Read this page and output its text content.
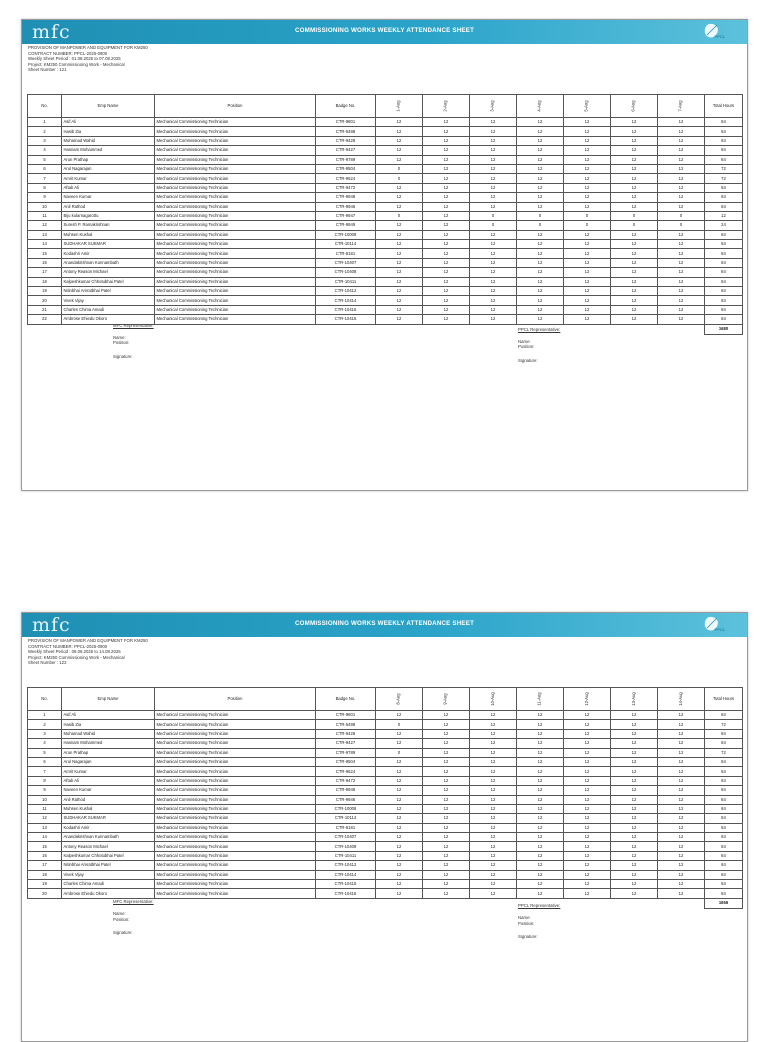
mfc	COMMISSIONING WORKS WEEKLY ATTENDANCE SHEET
PPCL
PROVISION OF MANPOWER AND EQUIPMENT FOR KM250
CONTRACT NUMBER: PPCL-2025-0900
Weekly Sheet Period : 01.08.2025 to 07.08.2025
Project: KM250 Commissioning Work - Mechanical
Sheet Number : 121
No.	Emp Name	Position	Badge No.	1-Aug	2-Aug	3-Aug	4-Aug	5-Aug	6-Aug	7-Aug	Total Hours
1	Asif Ali	Mechanical Commissioning Technician	CTR-9801	12	12	12	12	12	12	12	84
2	Hasib Zia	Mechanical Commissioning Technician	CTR-5498	12	12	12	12	12	12	12	84
3	Muhamad Wahid	Mechanical Commissioning Technician	CTR-9428	12	12	12	12	12	12	12	84
4	Hasnam Mohammed	Mechanical Commissioning Technician	CTR-9427	12	12	12	12	12	12	12	84
5	Arun Prathap	Mechanical Commissioning Technician	CTR-9789	12	12	12	12	12	12	12	84
6	Arul Nagarajan	Mechanical Commissioning Technician	CTR-9504	0	12	12	12	12	12	12	72
7	Amrit Kumar	Mechanical Commissioning Technician	CTR-9524	0	12	12	12	12	12	12	72
8	Aftab Ali	Mechanical Commissioning Technician	CTR-9472	12	12	12	12	12	12	12	84
9	Naveen Kumar	Mechanical Commissioning Technician	CTR-9948	12	12	12	12	12	12	12	84
10	Anil Rathod	Mechanical Commissioning Technician	CTR-9946	12	12	12	12	12	12	12	84
11	Biju kularnagarottu	Mechanical Commissioning Technician	CTR-9947	0	12	0	0	0	0	0	12
12	Suresh P. Ramakrishnan	Mechanical Commissioning Technician	CTR-9949	12	12	0	0	0	0	0	24
13	Muhsen Kushal	Mechanical Commissioning Technician	CTR-10008	12	12	12	12	12	12	12	84
14	SUDHAKAR SUKMAR	Mechanical Commissioning Technician	CTR-10114	12	12	12	12	12	12	12	84
15	Kodashri Amir	Mechanical Commissioning Technician	CTR-8181	12	12	12	12	12	12	12	84
16	Anandakrishnan Kunnambath	Mechanical Commissioning Technician	CTR-10407	12	12	12	12	12	12	12	84
17	Antony Reason Michael	Mechanical Commissioning Technician	CTR-10408	12	12	12	12	12	12	12	84
18	Kalpeshkumar Chhotubhai Patel	Mechanical Commissioning Technician	CTR-10411	12	12	12	12	12	12	12	84
19	Nitinbhai Amratbhai Patel	Mechanical Commissioning Technician	CTR-10412	12	12	12	12	12	12	12	84
20	Vivek Vijay	Mechanical Commissioning Technician	CTR-10414	12	12	12	12	12	12	12	84
21	Charles Chima Amadi	Mechanical Commissioning Technician	CTR-10415	12	12	12	12	12	12	12	84
22	Ambrose Ehiedu Okoro	Mechanical Commissioning Technician	CTR-10416	12	12	12	12	12	12	12	84
											1680
MFC Representative:
Name:
Position:
Signature:
PPCL Representative:
Name:
Position:
Signature:
mfc	COMMISSIONING WORKS WEEKLY ATTENDANCE SHEET
PPCL
PROVISION OF MANPOWER AND EQUIPMENT FOR KM250
CONTRACT NUMBER: PPCL-2025-0900
Weekly Sheet Period : 08.08.2025 to 14.08.2025
Project: KM250 Commissioning Work - Mechanical
Sheet Number : 122
No.	Emp Name	Position	Badge No.	8-Aug	9-Aug	10-Aug	11-Aug	12-Aug	13-Aug	14-Aug	Total Hours
1	Asif Ali	Mechanical Commissioning Technician	CTR-9801	12	12	12	12	12	12	12	84
2	Hasib Zia	Mechanical Commissioning Technician	CTR-5498	0	12	12	12	12	12	12	72
3	Muhamad Wahid	Mechanical Commissioning Technician	CTR-9428	12	12	12	12	12	12	12	84
4	Hasnam Mohammed	Mechanical Commissioning Technician	CTR-9427	12	12	12	12	12	12	12	84
5	Arun Prathap	Mechanical Commissioning Technician	CTR-9789	0	12	12	12	12	12	12	72
6	Arul Nagarajan	Mechanical Commissioning Technician	CTR-9504	12	12	12	12	12	12	12	84
7	Amrit Kumar	Mechanical Commissioning Technician	CTR-9524	12	12	12	12	12	12	12	84
8	Aftab Ali	Mechanical Commissioning Technician	CTR-9472	12	12	12	12	12	12	12	84
9	Naveen Kumar	Mechanical Commissioning Technician	CTR-9948	12	12	12	12	12	12	12	84
10	Anil Rathod	Mechanical Commissioning Technician	CTR-9946	12	12	12	12	12	12	12	84
11	Muhsen Kushal	Mechanical Commissioning Technician	CTR-10008	12	12	12	12	12	12	12	84
12	SUDHAKAR SUKMAR	Mechanical Commissioning Technician	CTR-10114	12	12	12	12	12	12	12	84
13	Kodashri Amir	Mechanical Commissioning Technician	CTR-8181	12	12	12	12	12	12	12	84
14	Anandakrishnan Kunnambath	Mechanical Commissioning Technician	CTR-10407	12	12	12	12	12	12	12	84
15	Antony Reason Michael	Mechanical Commissioning Technician	CTR-10408	12	12	12	12	12	12	12	84
16	Kalpeshkumar Chhotubhai Patel	Mechanical Commissioning Technician	CTR-10411	12	12	12	12	12	12	12	84
17	Nitinbhai Amratbhai Patel	Mechanical Commissioning Technician	CTR-10412	12	12	12	12	12	12	12	84
18	Vivek Vijay	Mechanical Commissioning Technician	CTR-10414	12	12	12	12	12	12	12	84
19	Charles Chima Amadi	Mechanical Commissioning Technician	CTR-10415	12	12	12	12	12	12	12	84
20	Ambrose Ehiedu Okoro	Mechanical Commissioning Technician	CTR-10416	12	12	12	12	12	12	12	84
											1656
MFC Representative:
Name:
Position:
Signature:
PPCL Representative:
Name:
Position:
Signature:
